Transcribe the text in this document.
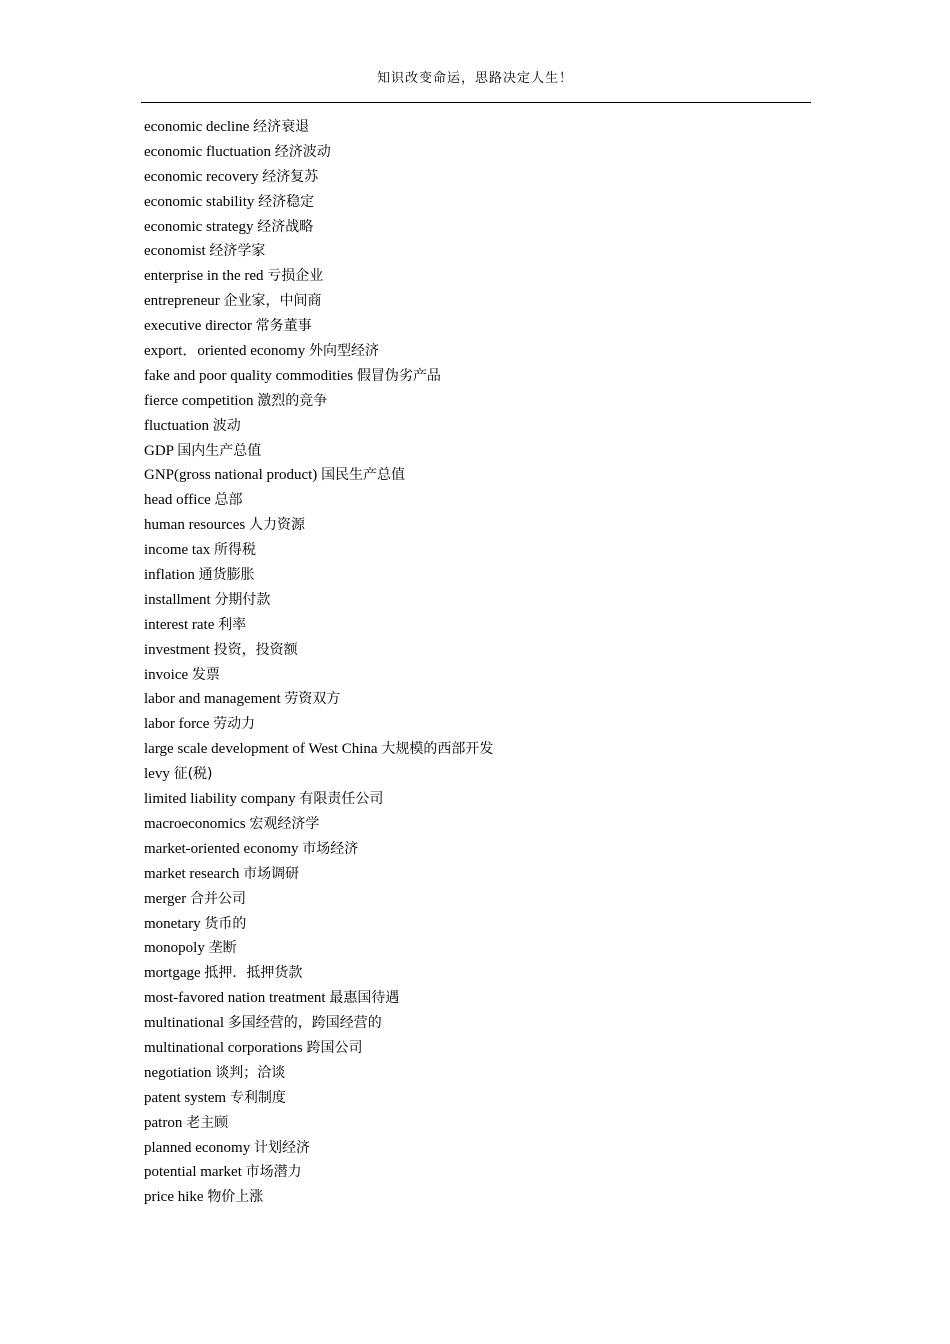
知识改变命运，思路决定人生！
economic decline 经济衰退
economic fluctuation 经济波动
economic recovery 经济复苏
economic stability 经济稳定
economic strategy 经济战略
economist 经济学家
enterprise in the red 亏损企业
entrepreneur 企业家，中间商
executive director 常务董事
export．oriented economy 外向型经济
fake and poor quality commodities 假冒伪劣产品
fierce competition 激烈的竞争
fluctuation 波动
GDP 国内生产总值
GNP(gross national product) 国民生产总值
head office 总部
human resources 人力资源
income tax 所得税
inflation 通货膨胀
installment 分期付款
interest rate 利率
investment 投资，投资额
invoice 发票
labor and management 劳资双方
labor force 劳动力
large scale development of West China 大规模的西部开发
levy 征(税)
limited liability company 有限责任公司
macroeconomics 宏观经济学
market-oriented economy 市场经济
market research 市场调研
merger 合并公司
monetary 货币的
monopoly 垄断
mortgage 抵押．抵押货款
most-favored nation treatment 最惠国待遇
multinational 多国经营的，跨国经营的
multinational corporations 跨国公司
negotiation 谈判；洽谈
patent system 专利制度
patron 老主顾
planned economy 计划经济
potential market 市场潜力
price hike 物价上涨
